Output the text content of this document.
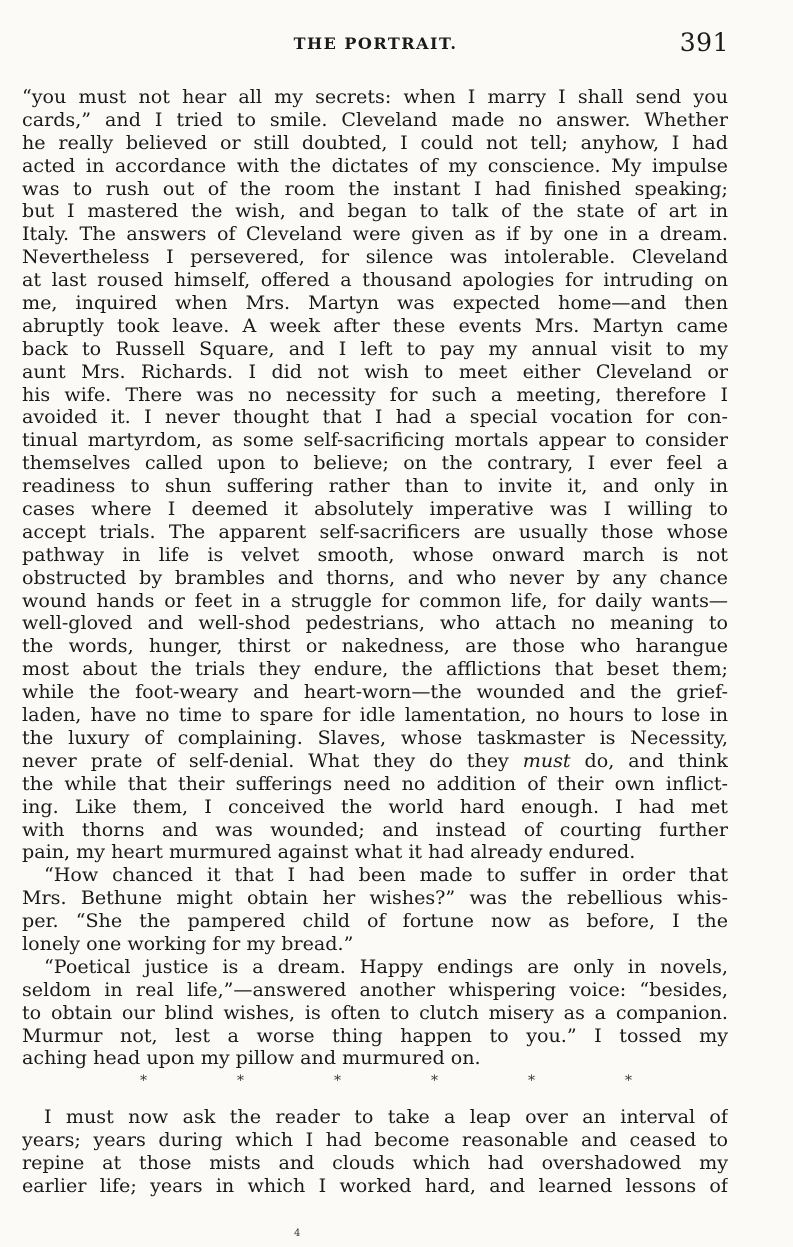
THE PORTRAIT.	391
“you must not hear all my secrets: when I marry I shall send you
cards,” and I tried to smile. Cleveland made no answer. Whether
he really believed or still doubted, I could not tell; anyhow, I had
acted in accordance with the dictates of my conscience. My impulse
was to rush out of the room the instant I had finished speaking;
but I mastered the wish, and began to talk of the state of art in
Italy. The answers of Cleveland were given as if by one in a dream.
Nevertheless I persevered, for silence was intolerable. Cleveland
at last roused himself, offered a thousand apologies for intruding on
me, inquired when Mrs. Martyn was expected home—and then
abruptly took leave. A week after these events Mrs. Martyn came
back to Russell Square, and I left to pay my annual visit to my
aunt Mrs. Richards. I did not wish to meet either Cleveland or
his wife. There was no necessity for such a meeting, therefore I
avoided it. I never thought that I had a special vocation for con-
tinual martyrdom, as some self-sacrificing mortals appear to consider
themselves called upon to believe; on the contrary, I ever feel a
readiness to shun suffering rather than to invite it, and only in
cases where I deemed it absolutely imperative was I willing to
accept trials. The apparent self-sacrificers are usually those whose
pathway in life is velvet smooth, whose onward march is not
obstructed by brambles and thorns, and who never by any chance
wound hands or feet in a struggle for common life, for daily wants—
well-gloved and well-shod pedestrians, who attach no meaning to
the words, hunger, thirst or nakedness, are those who harangue
most about the trials they endure, the afflictions that beset them;
while the foot-weary and heart-worn—the wounded and the grief-
laden, have no time to spare for idle lamentation, no hours to lose in
the luxury of complaining. Slaves, whose taskmaster is Necessity,
never prate of self-denial. What they do they must do, and think
the while that their sufferings need no addition of their own inflict-
ing. Like them, I conceived the world hard enough. I had met
with thorns and was wounded; and instead of courting further
pain, my heart murmured against what it had already endured.
“How chanced it that I had been made to suffer in order that
Mrs. Bethune might obtain her wishes?” was the rebellious whis-
per. “She the pampered child of fortune now as before, I the
lonely one working for my bread.”
“Poetical justice is a dream. Happy endings are only in novels,
seldom in real life,”—answered another whispering voice: “besides,
to obtain our blind wishes, is often to clutch misery as a companion.
Murmur not, lest a worse thing happen to you.” I tossed my
aching head upon my pillow and murmured on.
*	*	*	*	*	*
I must now ask the reader to take a leap over an interval of
years; years during which I had become reasonable and ceased to
repine at those mists and clouds which had overshadowed my
earlier life; years in which I worked hard, and learned lessons of
4
